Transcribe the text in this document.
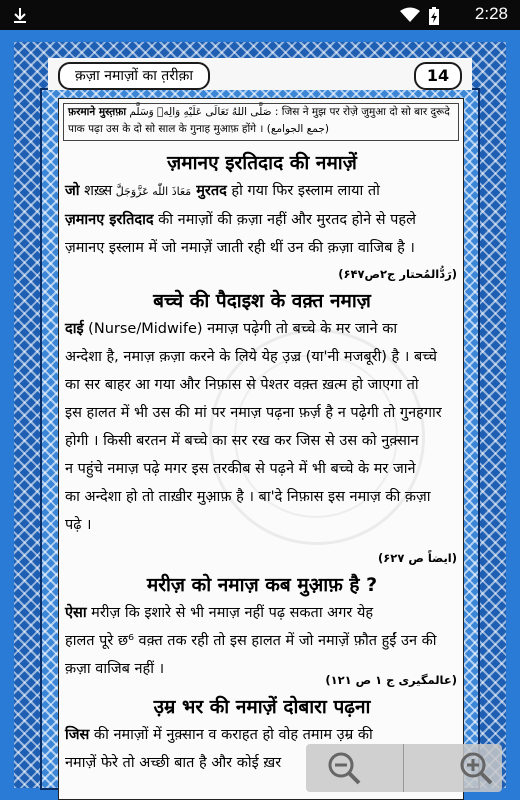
2:28
क़ज़ा नमाज़ों का त़रीक़ा	14
फ़रमाने मुस्त़फ़ा صَلَّى اللهُ تَعَالَى عَلَيْهِ وَالِهٖ وَسَلَّم : जिस ने मुझ पर रोज़े जुमुआ दो सो बार दुरूदे पाक पढ़ा उस के दो सो साल के गुनाह मुआफ़ होंगे । (جمع الجوامع)
ज़मानए इरतिदाद की नमाज़ें
जो शख़्स مَعَاذَ اللّٰه عَزَّوَجَلَّ मुरतद हो गया फिर इस्लाम लाया तो
ज़मानए इरतिदाद की नमाज़ों की क़ज़ा नहीं और मुरतद होने से पहले
ज़मानए इस्लाम में जो नमाज़ें जाती रही थीं उन की क़ज़ा वाजिब है ।
(رَدُّالمُحتار ج۲ص۶۴۷)
बच्चे की पैदाइश के वक़्त नमाज़
दाई (Nurse/Midwife) नमाज़ पढ़ेगी तो बच्चे के मर जाने का
अन्देशा है, नमाज़ क़ज़ा करने के लिये येह उ़ज़्र (या'नी मजबूरी) है । बच्चे
का सर बाहर आ गया और निफ़ास से पेश्तर वक़्त ख़त्म हो जाएगा तो
इस हालत में भी उस की मां पर नमाज़ पढ़ना फ़र्ज़ है न पढ़ेगी तो गुनहगार
होगी । किसी बरतन में बच्चे का सर रख कर जिस से उस को नुक़्सान
न पहुंचे नमाज़ पढ़े मगर इस तरकीब से पढ़ने में भी बच्चे के मर जाने
का अन्देशा हो तो ताख़ीर मुआ़फ़ है । बा'दे निफ़ास इस नमाज़ की क़ज़ा
पढ़े ।
(ایضاً ص ۶۲۷)
मरीज़ को नमाज़ कब मुआ़फ़ है ?
ऐसा मरीज़ कि इशारे से भी नमाज़ नहीं पढ़ सकता अगर येह
हालत पूरे छ⁶ वक़्त तक रही तो इस हालत में जो नमाज़ें फ़ौत हुईं उन की
क़ज़ा वाजिब नहीं ।
(عالمگیری ج ۱ ص ۱۲۱)
उ़म्र भर की नमाज़ें दोबारा पढ़ना
जिस की नमाज़ों में नुक़्सान व कराहत हो वोह तमाम उ़म्र की
नमाज़ें फेरे तो अच्छी बात है और कोई ख़र
